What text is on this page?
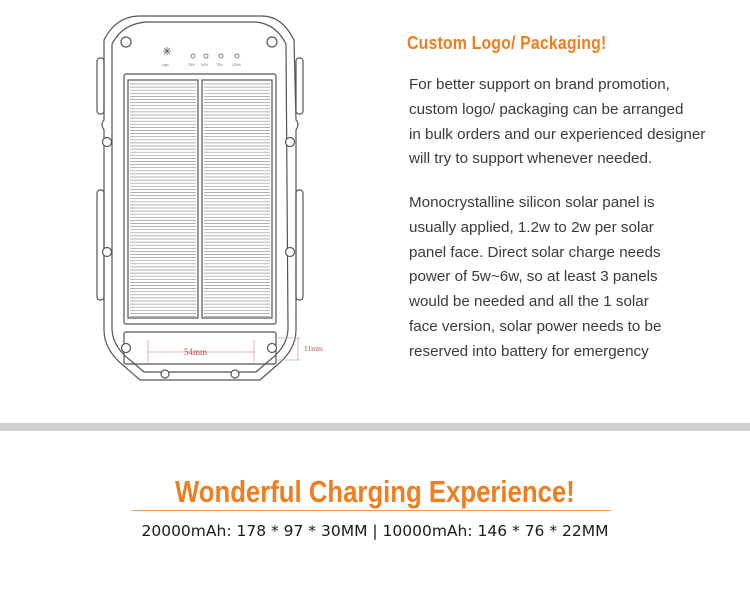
25% 50% 75%	100%
logo
54mm	11mm
Custom Logo/ Packaging!
For better support on brand promotion,
custom logo/ packaging can be arranged
in bulk orders and our experienced designer
will try to support whenever needed.
Monocrystalline silicon solar panel is
usually applied, 1.2w to 2w per solar
panel face. Direct solar charge needs
power of 5w~6w, so at least 3 panels
would be needed and all the 1 solar
face version, solar power needs to be
reserved into battery for emergency
Wonderful Charging Experience!
20000mAh: 178 * 97 * 30MM | 10000mAh: 146 * 76 * 22MM
